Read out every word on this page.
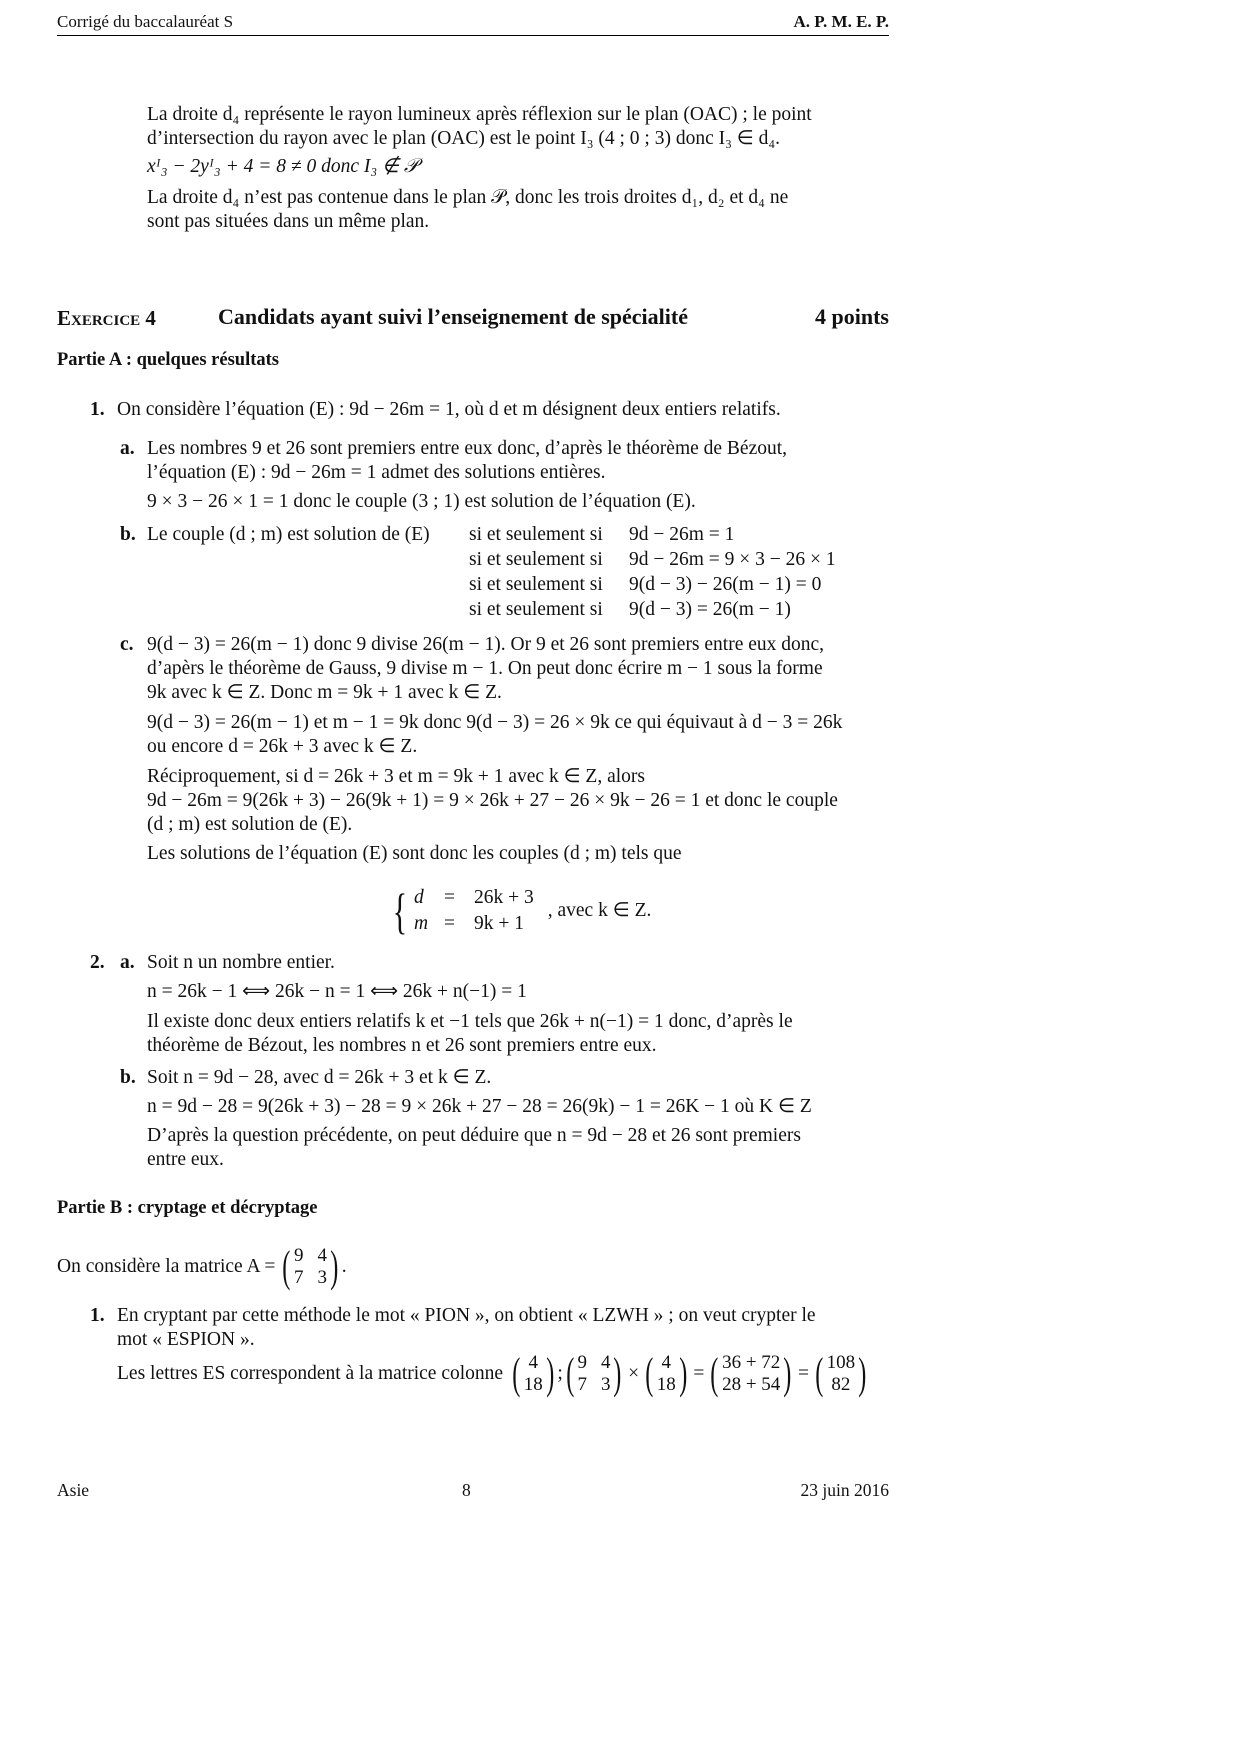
Corrigé du baccalauréat S	A. P. M. E. P.
La droite d₄ représente le rayon lumineux après réflexion sur le plan (OAC) ; le point
d’intersection du rayon avec le plan (OAC) est le point I₃ (4 ; 0 ; 3) donc I₃ ∈ d₄.
xᴵ₃ − 2yᴵ₃ + 4 = 8 ≠ 0 donc I₃ ∉ 𝒫
La droite d₄ n’est pas contenue dans le plan 𝒫, donc les trois droites d₁, d₂ et d₄ ne
sont pas situées dans un même plan.
Exercice 4	Candidats ayant suivi l’enseignement de spécialité	4 points
Partie A : quelques résultats
1. On considère l’équation (E) : 9d − 26m = 1, où d et m désignent deux entiers relatifs.
a. Les nombres 9 et 26 sont premiers entre eux donc, d’après le théorème de Bézout,
l’équation (E) : 9d − 26m = 1 admet des solutions entières.
9 × 3 − 26 × 1 = 1 donc le couple (3 ; 1) est solution de l’équation (E).
b. Le couple (d ; m) est solution de (E) si et seulement si 9d − 26m = 1
si et seulement si 9d − 26m = 9 × 3 − 26 × 1
si et seulement si 9(d − 3) − 26(m − 1) = 0
si et seulement si 9(d − 3) = 26(m − 1)
c. 9(d − 3) = 26(m − 1) donc 9 divise 26(m − 1). Or 9 et 26 sont premiers entre eux donc,
d’apèrs le théorème de Gauss, 9 divise m − 1. On peut donc écrire m − 1 sous la forme
9k avec k ∈ Z. Donc m = 9k + 1 avec k ∈ Z.
9(d − 3) = 26(m − 1) et m − 1 = 9k donc 9(d − 3) = 26 × 9k ce qui équivaut à d − 3 = 26k
ou encore d = 26k + 3 avec k ∈ Z.
Réciproquement, si d = 26k + 3 et m = 9k + 1 avec k ∈ Z, alors
9d − 26m = 9(26k + 3) − 26(9k + 1) = 9 × 26k + 27 − 26 × 9k − 26 = 1 et donc le couple
(d ; m) est solution de (E).
Les solutions de l’équation (E) sont donc les couples (d ; m) tels que
{ d	= 26k + 3
m = 9k + 1
, avec k ∈ Z.
2. a. Soit n un nombre entier.
n = 26k − 1 ⟺ 26k − n = 1 ⟺ 26k + n(−1) = 1
Il existe donc deux entiers relatifs k et −1 tels que 26k + n(−1) = 1 donc, d’après le
théorème de Bézout, les nombres n et 26 sont premiers entre eux.
b. Soit n = 9d − 28, avec d = 26k + 3 et k ∈ Z.
n = 9d − 28 = 9(26k + 3) − 28 = 9 × 26k + 27 − 28 = 26(9k) − 1 = 26K − 1 où K ∈ Z
D’après la question précédente, on peut déduire que n = 9d − 28 et 26 sont premiers
entre eux.
Partie B : cryptage et décryptage
On considère la matrice A = ( 9 4
7 3 ) .
1. En cryptant par cette méthode le mot « PION », on obtient « LZWH » ; on veut crypter le
mot « ESPION ».
Les lettres ES correspondent à la matrice colonne ( 4
18 ) ; ( 9 4
7 3 ) × ( 4
18 ) = ( 36 + 72
28 + 54 ) = ( 108
82 )
Asie	8	23 juin 2016
